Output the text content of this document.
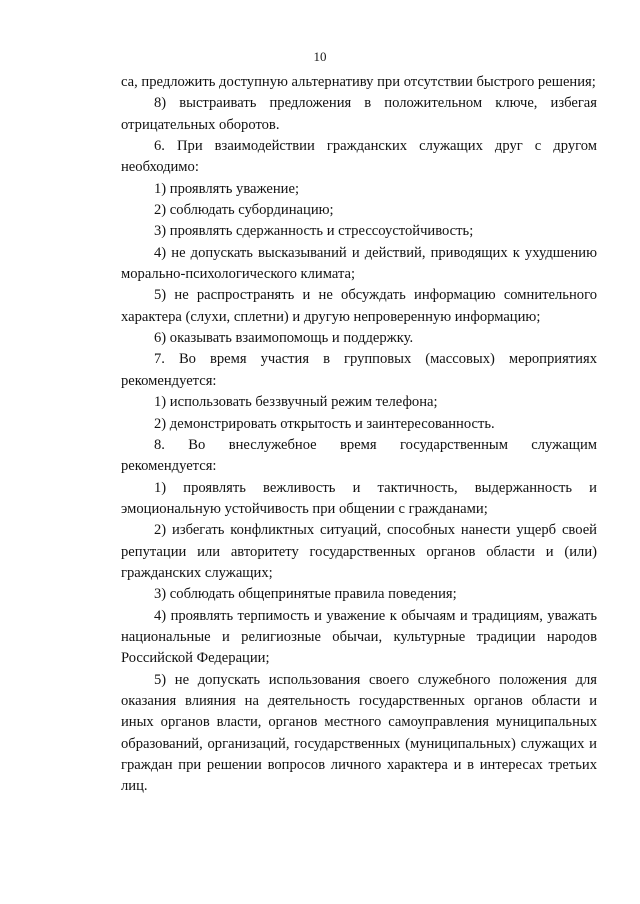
10

са, предложить доступную альтернативу при отсутствии быстрого решения;

8) выстраивать предложения в положительном ключе, избегая отрицательных оборотов.

6. При взаимодействии гражданских служащих друг с другом необходимо:

1) проявлять уважение;

2) соблюдать субординацию;

3) проявлять сдержанность и стрессоустойчивость;

4) не допускать высказываний и действий, приводящих к ухудшению морально-психологического климата;

5) не распространять и не обсуждать информацию сомнительного характера (слухи, сплетни) и другую непроверенную информацию;

6) оказывать взаимопомощь и поддержку.

7. Во время участия в групповых (массовых) мероприятиях рекомендуется:

1) использовать беззвучный режим телефона;

2) демонстрировать открытость и заинтересованность.

8. Во внеслужебное время государственным служащим рекомендуется:

1) проявлять вежливость и тактичность, выдержанность и эмоциональную устойчивость при общении с гражданами;

2) избегать конфликтных ситуаций, способных нанести ущерб своей репутации или авторитету государственных органов области и (или) гражданских служащих;

3) соблюдать общепринятые правила поведения;

4) проявлять терпимость и уважение к обычаям и традициям, уважать национальные и религиозные обычаи, культурные традиции народов Российской Федерации;

5) не допускать использования своего служебного положения для оказания влияния на деятельность государственных органов области и иных органов власти, органов местного самоуправления муниципальных образований, организаций, государственных (муниципальных) служащих и граждан при решении вопросов личного характера и в интересах третьих лиц.
